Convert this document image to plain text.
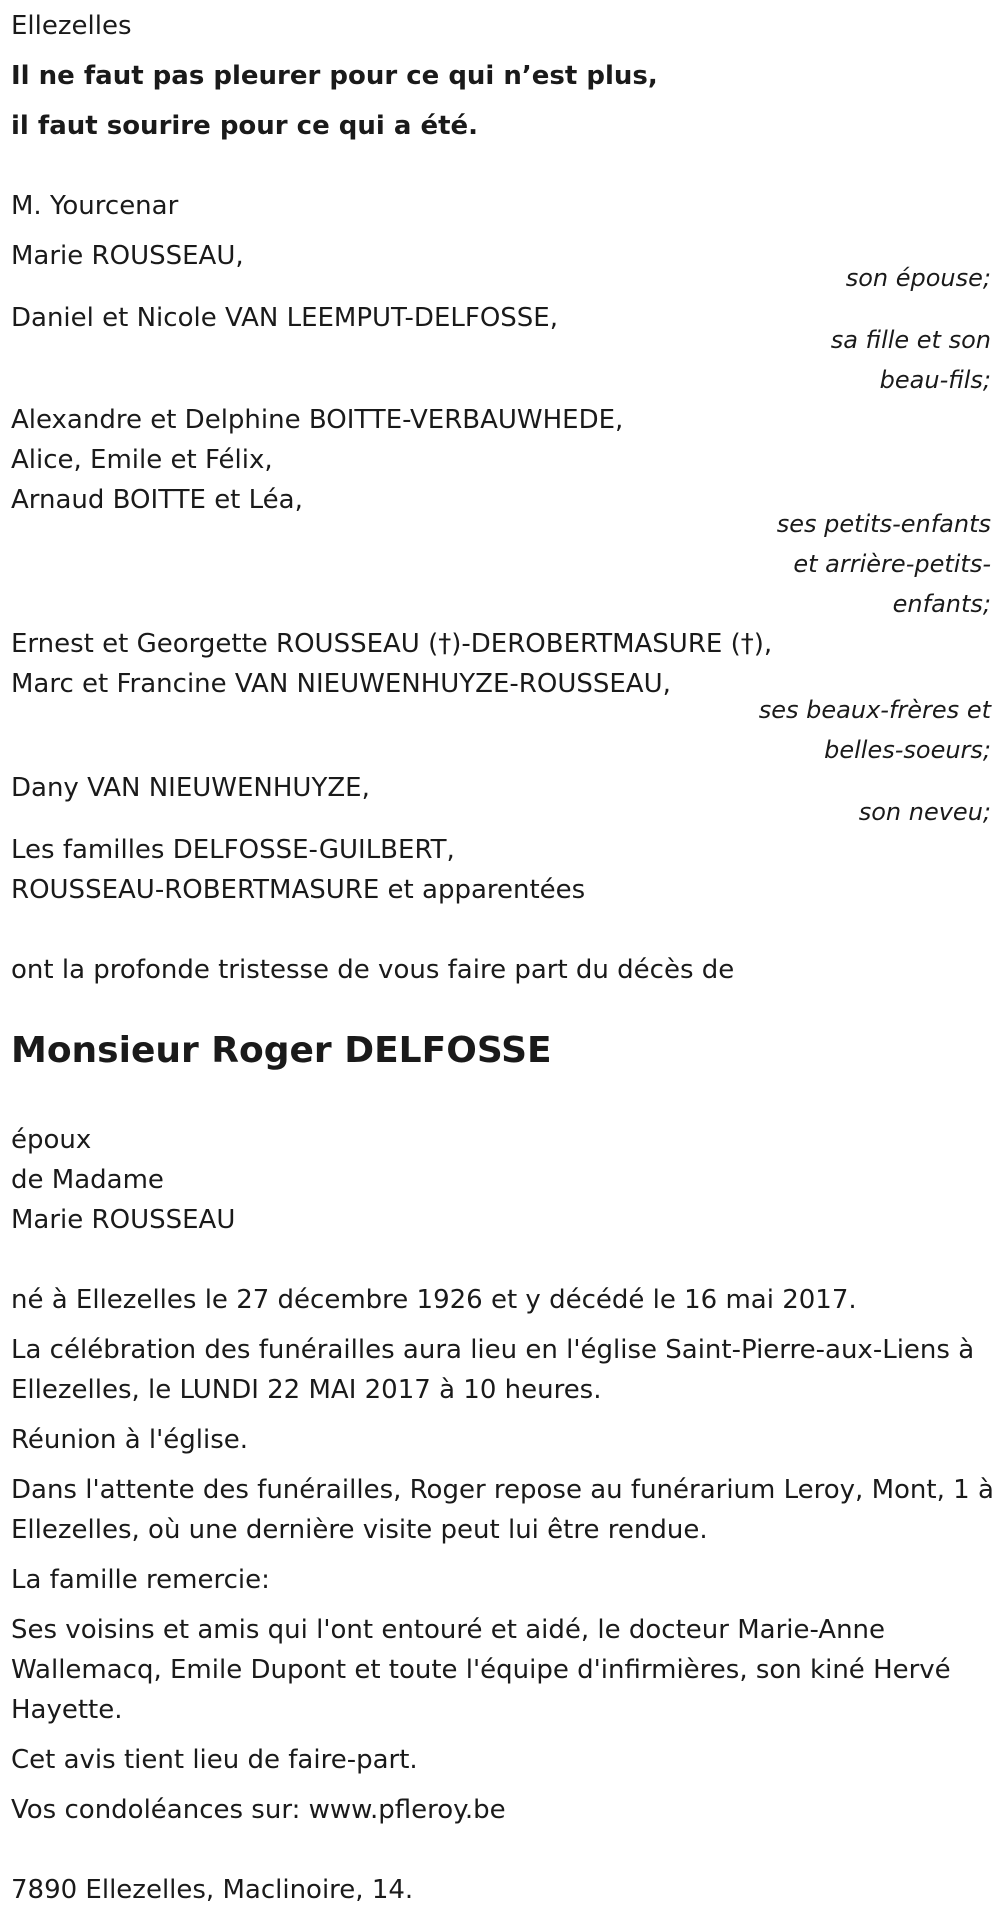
Ellezelles
Il ne faut pas pleurer pour ce qui n’est plus,
il faut sourire pour ce qui a été.
M. Yourcenar
Marie ROUSSEAU,
son épouse;
Daniel et Nicole VAN LEEMPUT-DELFOSSE,
sa fille et son
beau-fils;
Alexandre et Delphine BOITTE-VERBAUWHEDE,
Alice, Emile et Félix,
Arnaud BOITTE et Léa,
ses petits-enfants
et arrière-petits-
enfants;
Ernest et Georgette ROUSSEAU (†)-DEROBERTMASURE (†),
Marc et Francine VAN NIEUWENHUYZE-ROUSSEAU,
ses beaux-frères et
belles-soeurs;
Dany VAN NIEUWENHUYZE,
son neveu;
Les familles DELFOSSE-GUILBERT,
ROUSSEAU-ROBERTMASURE et apparentées
ont la profonde tristesse de vous faire part du décès de
Monsieur Roger DELFOSSE
époux
de Madame
Marie ROUSSEAU
né à Ellezelles le 27 décembre 1926 et y décédé le 16 mai 2017.
La célébration des funérailles aura lieu en l'église Saint-Pierre-aux-Liens à Ellezelles, le LUNDI 22 MAI 2017 à 10 heures.
Réunion à l'église.
Dans l'attente des funérailles, Roger repose au funérarium Leroy, Mont, 1 à Ellezelles, où une dernière visite peut lui être rendue.
La famille remercie:
Ses voisins et amis qui l'ont entouré et aidé, le docteur Marie-Anne Wallemacq, Emile Dupont et toute l'équipe d'infirmières, son kiné Hervé Hayette.
Cet avis tient lieu de faire-part.
Vos condoléances sur: www.pfleroy.be
7890 Ellezelles, Maclinoire, 14.
